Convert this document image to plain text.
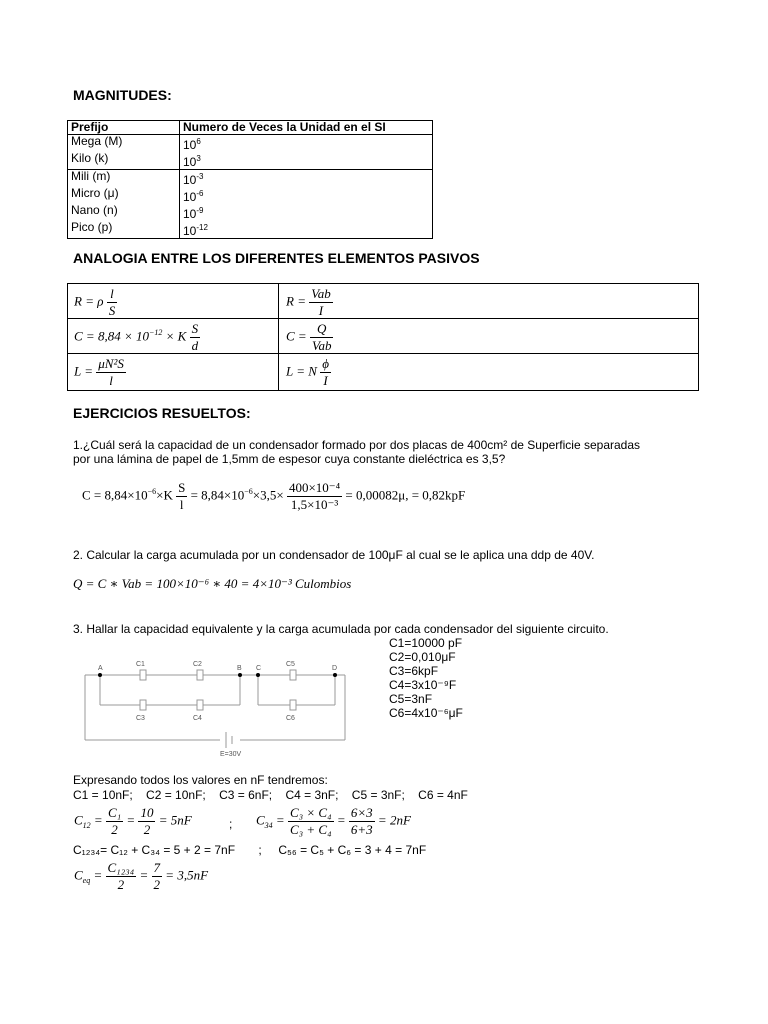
MAGNITUDES:
Prefijo	Numero de Veces la Unidad en el SI
Mega (M)	$10^6$
Kilo (k)	$10^3$
Mili (m)	$10^{-3}$
Micro (μ)	$10^{-6}$
Nano (n)	$10^{-9}$
Pico (p)	$10^{-12}$
ANALOGIA ENTRE LOS DIFERENTES ELEMENTOS PASIVOS
R = ρ $\frac{l}{S}$	$R = \frac{\text{Vab}}{I}$
$C = 8,84 \times 10^{-12} \times K \frac{S}{d}$	$C = \frac{Q}{\text{Vab}}$
$L = \frac{\text{μN²S}}{l}$	L = N $\frac{\phi}{I}$
EJERCICIOS RESUELTOS:
1.¿Cuál será la capacidad de un condensador formado por dos placas de 400cm² de Superficie separadas
por una lámina de papel de 1,5mm de espesor cuya constante dieléctrica es 3,5?
$C = 8,84\times 10^{-6}\times K \frac{S}{l} = 8,84\times 10^{-6}\times 3,5\times \frac{\text{400×10⁻⁴}}{\text{1,5×10⁻³}} = 0,00082\mu$, = 0,82kpF
2. Calcular la carga acumulada por un condensador de 100μF al cual se le aplica una ddp de 40V.
Q = C ∗ Vab = 100×10⁻⁶ ∗ 40 = 4×10⁻³ Culombios
3. Hallar la capacidad equivalente y la carga acumulada por cada condensador del siguiente circuito.
A	B C	D
C1	C2
C3	C4
C5
C6
E=30V
C1=10000 pF
C2=0,010μF
C3=6kpF
C4=3x10⁻⁹F
C5=3nF
C6=4x10⁻⁶μF
Expresando todos los valores en nF tendremos:
C1 = 10nF;    C2 = 10nF;    C3 = 6nF;    C4 = 3nF;    C5 = 3nF;    C6 = 4nF
$C_{12} = \frac{\text{C₁}}{2} = \frac{10}{2} = 5nF$	; $C_{34} = \frac{\text{C₃ × C₄}}{\text{C₃ + C₄}} = \frac{6\times 3}{6+3} = 2nF$
C₁₂₃₄= C₁₂ + C₃₄ = 5 + 2 = 7nF       ;     C₅₆ = C₅ + C₆ = 3 + 4 = 7nF
$C_{eq} = \frac{\text{C₁₂₃₄}}{2} = \frac{7}{2} = 3,5nF$
